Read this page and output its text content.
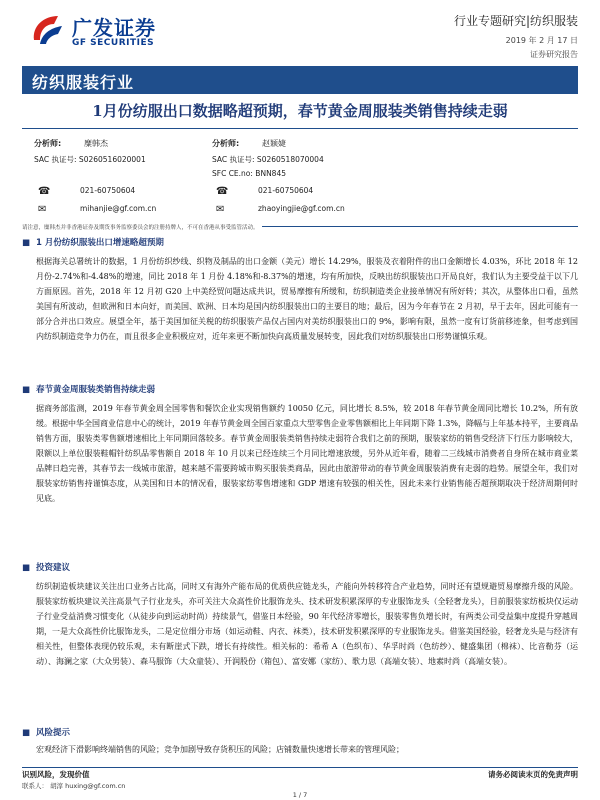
广发证券
GF SECURITIES
行业专题研究|纺织服装
2019 年 2 月 17 日
证券研究报告
纺织服装行业
1月份纺服出口数据略超预期，春节黄金周服装类销售持续走弱
分析师:	糜韩杰
SAC 执证号: S0260516020001
☎	021-60750604
✉	mihanjie@gf.com.cn
分析师:	赵颖婕
SAC 执证号: S0260518070004
SFC CE.no: BNN845
☎	021-60750604
✉	zhaoyingjie@gf.com.cn
请注意，糜韩杰并非香港证券及期货事务监察委员会的注册持牌人，不可在香港从事受监管活动。
■ 1 月份纺织服装出口增速略超预期
根据海关总署统计的数据，1 月份纺织纱线、织物及制品的出口金额（美元）增长 14.29%，服装及衣着附件的出口金额增长 4.03%，环比 2018 年 12 月份-2.74%和-4.48%的增速，同比 2018 年 1 月份 4.18%和-8.37%的增速，均有所加快，反映出纺织服装出口开局良好，我们认为主要受益于以下几方面原因。首先，2018 年 12 月初 G20 上中美经贸问题达成共识，贸易摩擦有所缓和，纺织制造类企业接单情况有所好转；其次，从整体出口看，虽然美国有所波动，但欧洲和日本向好，而美国、欧洲、日本均是国内纺织服装出口的主要目的地；最后，因为今年春节在 2 月初，早于去年，因此可能有一部分合并出口效应。展望全年，基于美国加征关税的纺织服装产品仅占国内对美纺织服装出口的 9%，影响有限，虽然一度有订货前移迹象，但考虑到国内纺织制造竞争力仍在，而且很多企业积极应对，近年来更不断加快向高质量发展转变，因此我们对纺织服装出口形势谨慎乐观。
■ 春节黄金周服装类销售持续走弱
据商务部监测，2019 年春节黄金周全国零售和餐饮企业实现销售额约 10050 亿元，同比增长 8.5%，较 2018 年春节黄金周同比增长 10.2%，所有放缓。根据中华全国商业信息中心的统计，2019 年春节黄金周全国百家重点大型零售企业零售额相比上年同期下降 1.3%，降幅与上年基本持平，主要商品销售方面，服装类零售额增速相比上年同期回落较多。春节黄金周服装类销售持续走弱符合我们之前的预期，服装家纺的销售受经济下行压力影响较大，限额以上单位服装鞋帽针纺织品零售额自 2018 年 10 月以来已经连续三个月同比增速放缓，另外从近年看，随着二三线城市消费者自身所在城市商业菜品牌日趋完善，其春节去一线城市旅游，越来越不需要跨城市购买服装类商品，因此由旅游带动的春节黄金周服装消费有走弱的趋势。展望全年，我们对服装家纺销售持谨慎态度，从美国和日本的情况看，服装家纺零售增速和 GDP 增速有较强的相关性，因此未来行业销售能否超预期取决于经济周期何时见底。
■ 投资建议
纺织制造板块建议关注出口业务占比高，同时又有海外产能布局的优质供应链龙头，产能向外转移符合产业趋势，同时还有望规避贸易摩擦升级的风险。服装家纺板块建议关注高景气子行业龙头，亦可关注大众高性价比服饰龙头、技术研发积累深厚的专业服饰龙头（全轻奢龙头），目前服装家纺板块仅运动子行业受益消费习惯变化（从徒步向到运动时尚）持续景气，借鉴日本经验，90 年代经济零增长，服装零售负增长时，有两类公司受益集中度提升穿越周期，一是大众高性价比服饰龙头，二是定位细分市场（如运动鞋、内衣、袜类），技术研发积累深厚的专业服饰龙头。借鉴美国经验，轻奢龙头是与经济有相关性，但整体表现仍较乐观，未有断崖式下跌，增长有持续性。相关标的：希希 A（色织布）、华孚时尚（色纺纱）、健盛集团（棉袜）、比音勒芬（运动）、海澜之家（大众男装）、森马服饰（大众童装）、开润股份（箱包）、富安娜（家纺）、歌力思（高端女装）、地素时尚（高端女装）。
■ 风险提示
宏观经济下滑影响终端销售的风险；竞争加剧导致存货积压的风险；店铺数量快速增长带来的管理风险；
识别风险，发现价值	请务必阅读末页的免责声明
联系人： 胡淳 huxing@gf.com.cn
1 / 7
